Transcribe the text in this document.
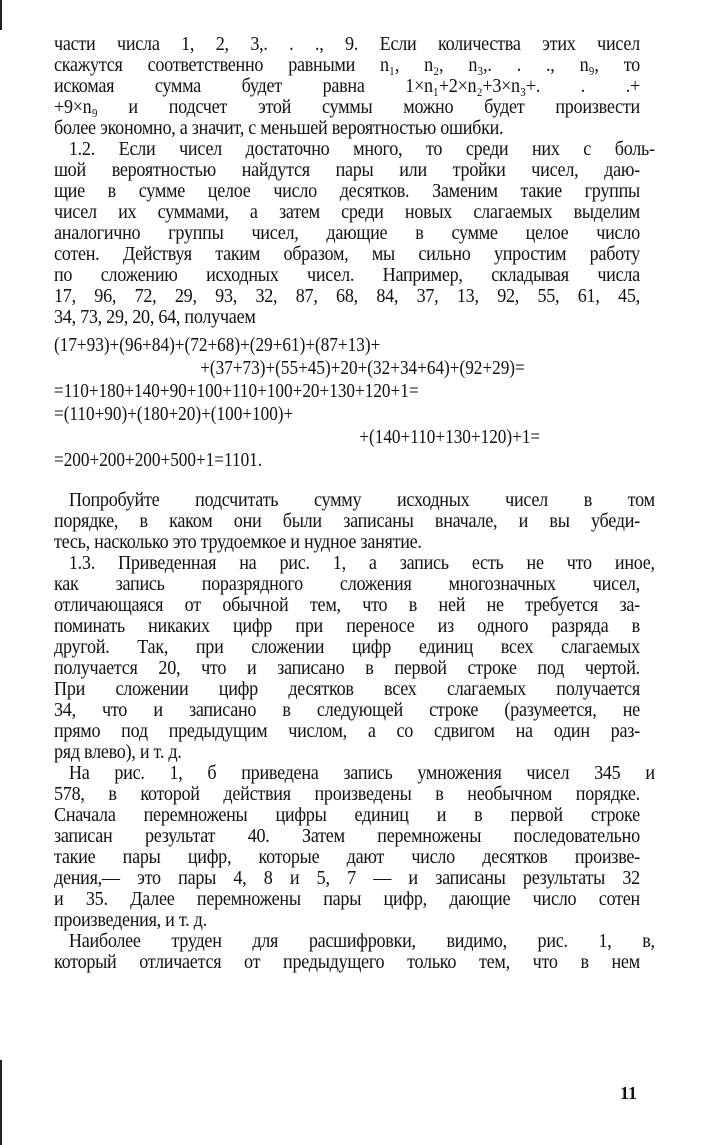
части числа 1, 2, 3,. . ., 9. Если количества этих чисел
скажутся соответственно равными n₁, n₂, n₃,. . ., n₉, то
искомая сумма будет равна 1×n₁+2×n₂+3×n₃+. . .+
+9×n₉ и подсчет этой суммы можно будет произвести
более экономно, а значит, с меньшей вероятностью ошибки.
1.2. Если чисел достаточно много, то среди них с боль-
шой вероятностью найдутся пары или тройки чисел, даю-
щие в сумме целое число десятков. Заменим такие группы
чисел их суммами, а затем среди новых слагаемых выделим
аналогично группы чисел, дающие в сумме целое число
сотен. Действуя таким образом, мы сильно упростим работу
по сложению исходных чисел. Например, складывая числа
17, 96, 72, 29, 93, 32, 87, 68, 84, 37, 13, 92, 55, 61, 45,
34, 73, 29, 20, 64, получаем
(17+93)+(96+84)+(72+68)+(29+61)+(87+13)+
+(37+73)+(55+45)+20+(32+34+64)+(92+29)=
=110+180+140+90+100+110+100+20+130+120+1=
=(110+90)+(180+20)+(100+100)+
+(140+110+130+120)+1=
=200+200+200+500+1=1101.
Попробуйте подсчитать сумму исходных чисел в том
порядке, в каком они были записаны вначале, и вы убеди-
тесь, насколько это трудоемкое и нудное занятие.
1.3. Приведенная на рис. 1, а запись есть не что иное,
как запись поразрядного сложения многозначных чисел,
отличающаяся от обычной тем, что в ней не требуется за-
поминать никаких цифр при переносе из одного разряда в
другой. Так, при сложении цифр единиц всех слагаемых
получается 20, что и записано в первой строке под чертой.
При сложении цифр десятков всех слагаемых получается
34, что и записано в следующей строке (разумеется, не
прямо под предыдущим числом, а со сдвигом на один раз-
ряд влево), и т. д.
На рис. 1, б приведена запись умножения чисел 345 и
578, в которой действия произведены в необычном порядке.
Сначала перемножены цифры единиц и в первой строке
записан результат 40. Затем перемножены последовательно
такие пары цифр, которые дают число десятков произве-
дения,— это пары 4, 8 и 5, 7 — и записаны результаты 32
и 35. Далее перемножены пары цифр, дающие число сотен
произведения, и т. д.
Наиболее труден для расшифровки, видимо, рис. 1, в,
который отличается от предыдущего только тем, что в нем
11
